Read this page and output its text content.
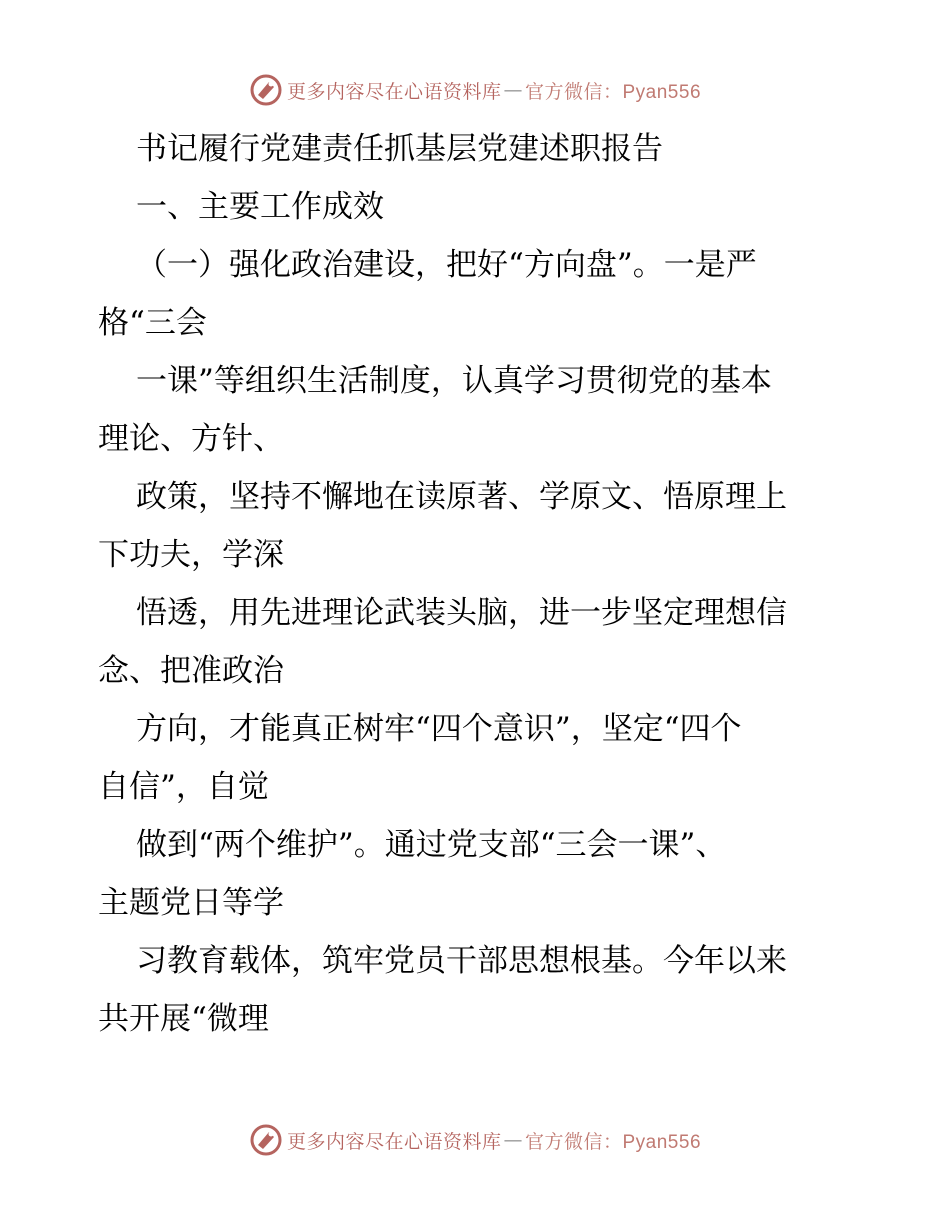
更多内容尽在心语资料库 — 官方微信：Pyan556
书记履行党建责任抓基层党建述职报告
一、主要工作成效
（一）强化政治建设，把好“方向盘”。一是严
格“三会
一课”等组织生活制度，认真学习贯彻党的基本
理论、方针、
政策，坚持不懈地在读原著、学原文、悟原理上
下功夫，学深
悟透，用先进理论武装头脑，进一步坚定理想信
念、把准政治
方向，才能真正树牢“四个意识”，坚定“四个
自信”，自觉
做到“两个维护”。通过党支部“三会一课”、
主题党日等学
习教育载体，筑牢党员干部思想根基。今年以来
共开展“微理
更多内容尽在心语资料库 — 官方微信：Pyan556
